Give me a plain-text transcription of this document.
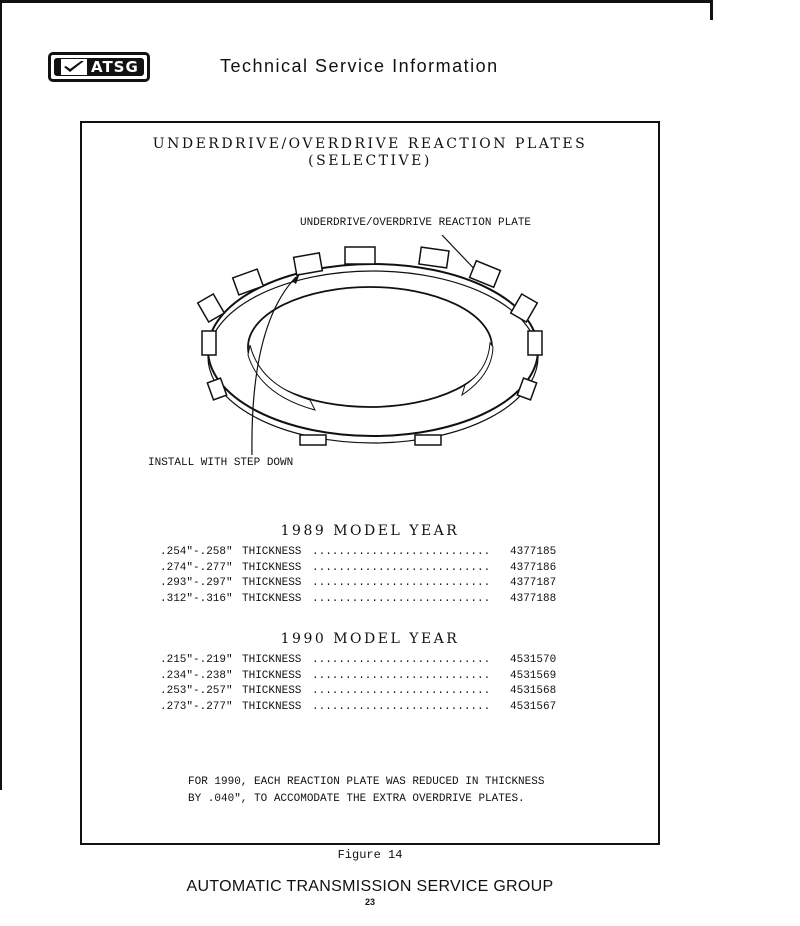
ATSG	Technical Service Information
UNDERDRIVE/OVERDRIVE REACTION PLATES
(SELECTIVE)
UNDERDRIVE/OVERDRIVE REACTION PLATE
INSTALL WITH STEP DOWN
1989 MODEL YEAR
.254"-.258" THICKNESS ...........................	4377185
.274"-.277" THICKNESS ...........................	4377186
.293"-.297" THICKNESS ...........................	4377187
.312"-.316" THICKNESS ...........................	4377188
1990 MODEL YEAR
.215"-.219" THICKNESS ...........................	4531570
.234"-.238" THICKNESS ...........................	4531569
.253"-.257" THICKNESS ...........................	4531568
.273"-.277" THICKNESS ...........................	4531567
FOR 1990, EACH REACTION PLATE WAS REDUCED IN THICKNESS
BY .040", TO ACCOMODATE THE EXTRA OVERDRIVE PLATES.
Figure 14
AUTOMATIC TRANSMISSION SERVICE GROUP
23
